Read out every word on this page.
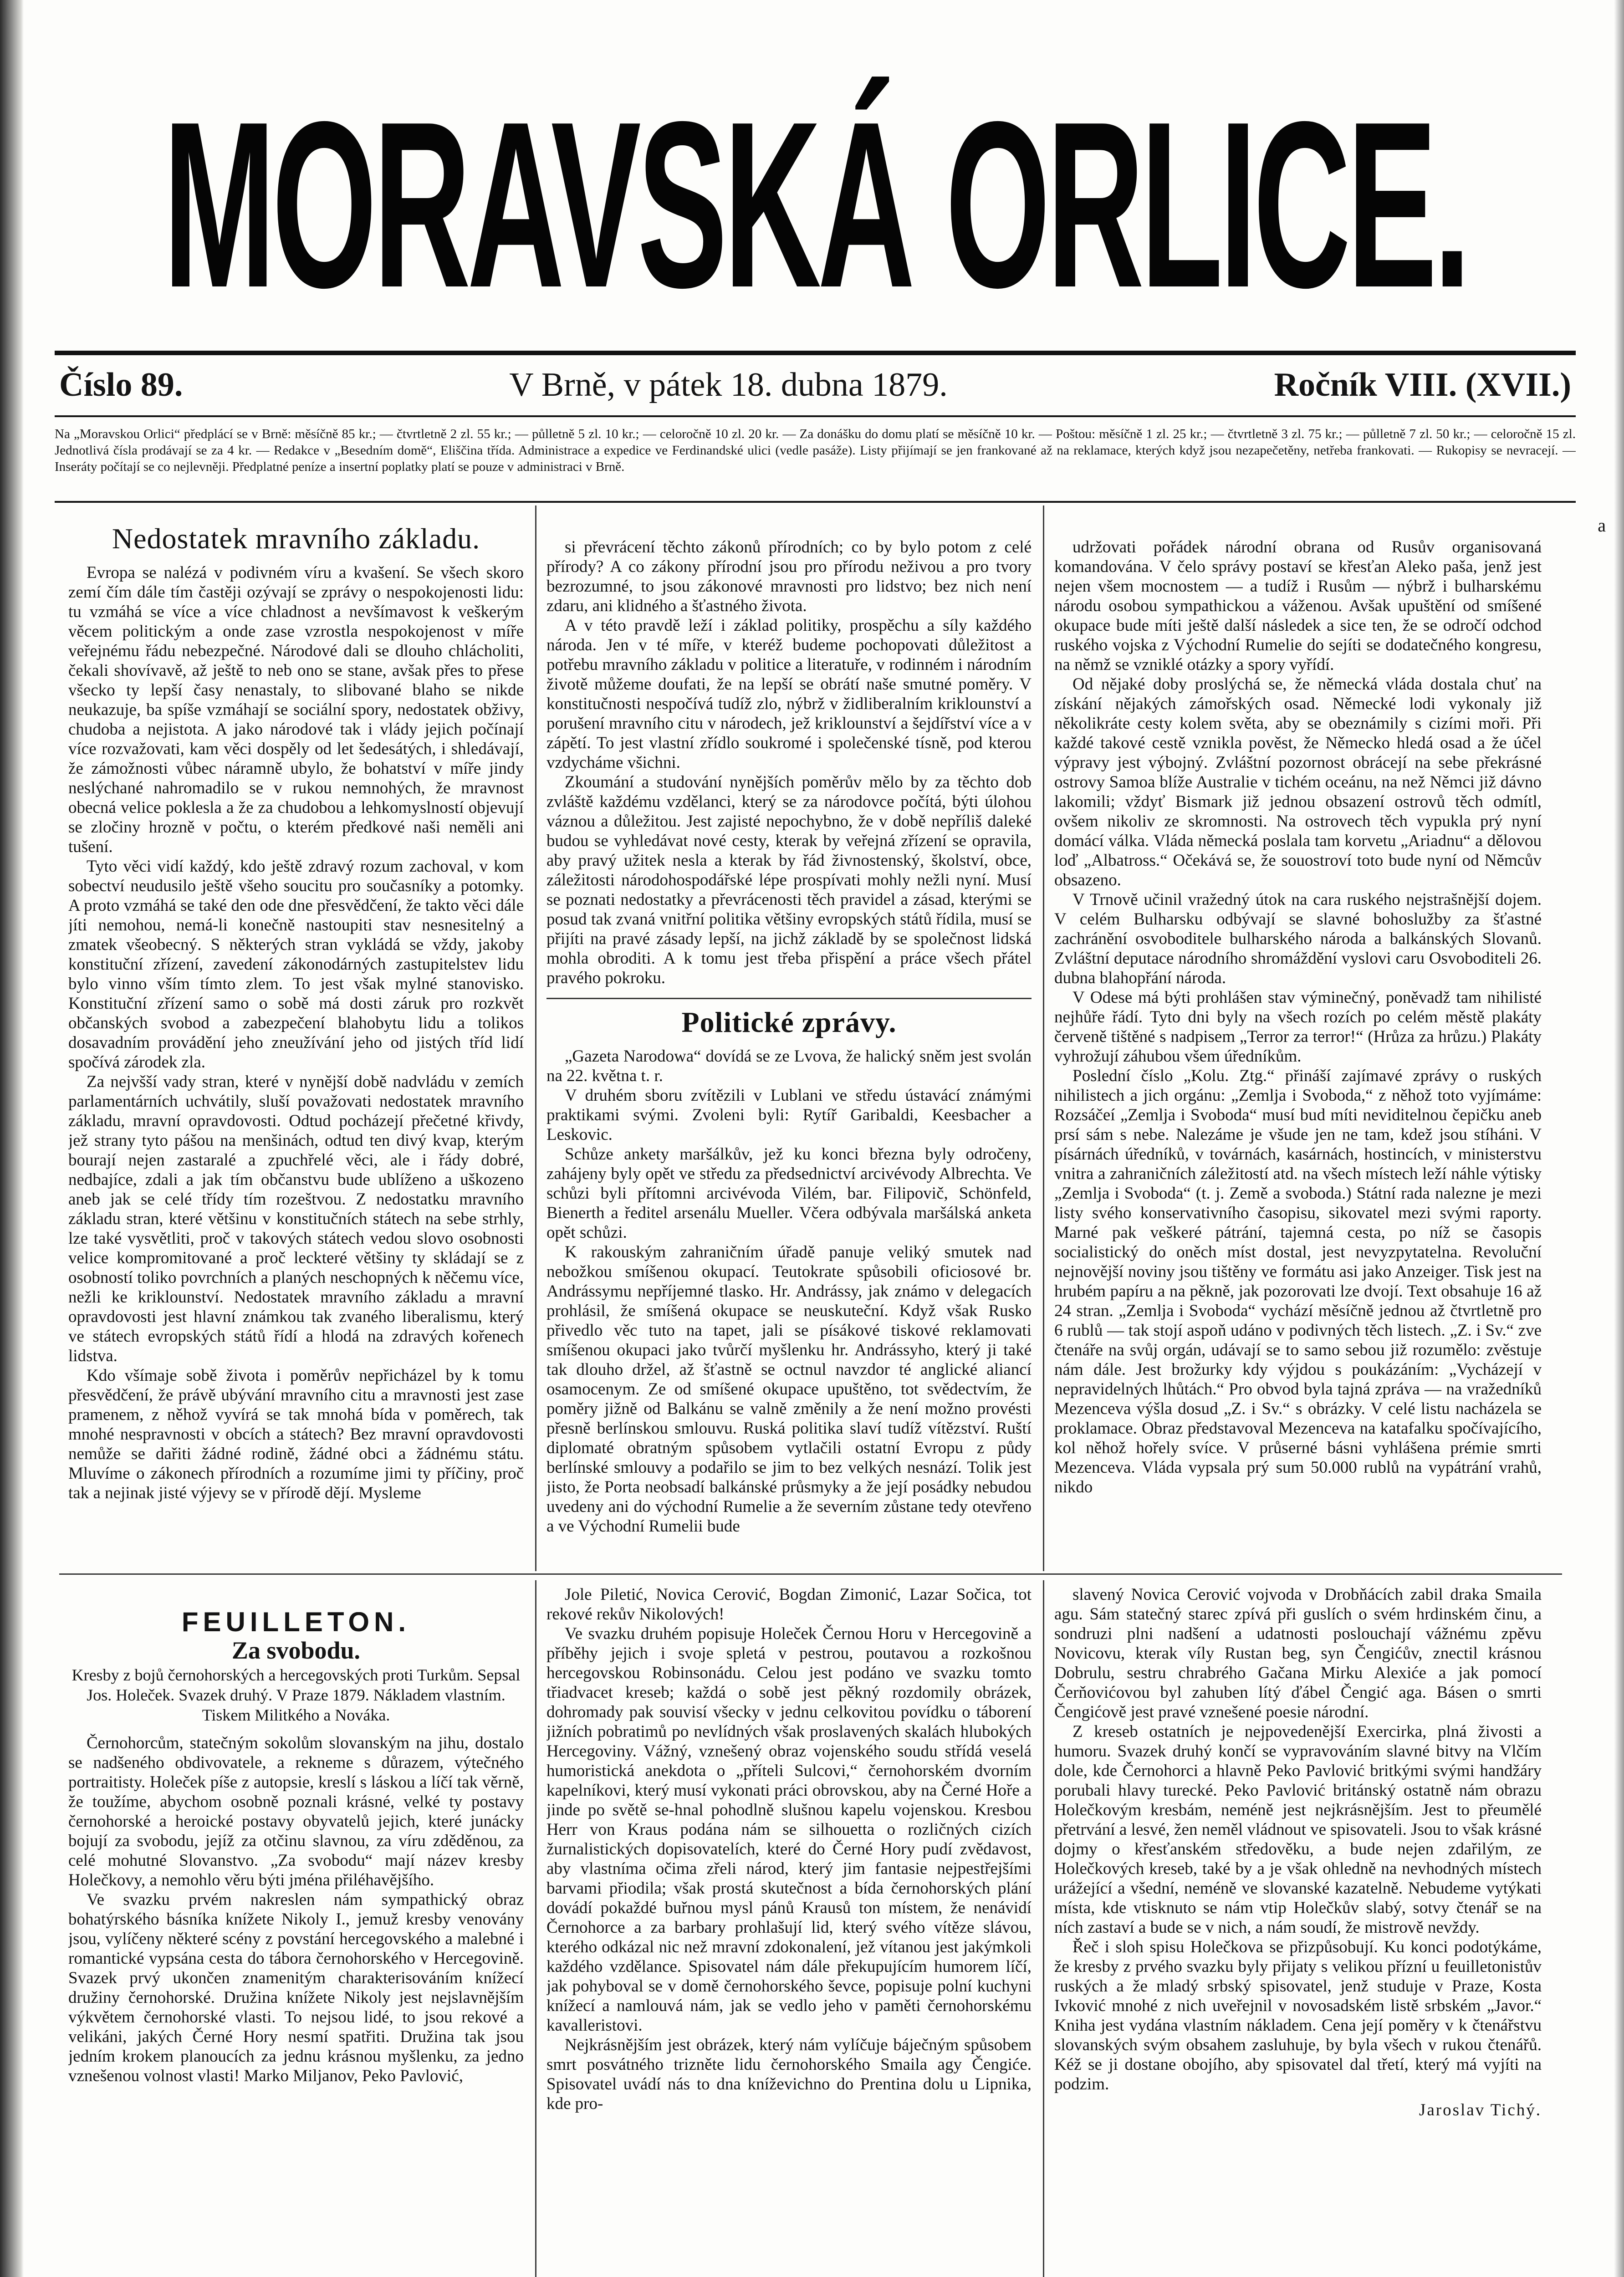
MORAVSKÁ ORLICE.
Číslo 89.	V Brně, v pátek 18. dubna 1879.	Ročník VIII. (XVII.)
Na „Moravskou Orlici“ předplácí se v Brně: měsíčně 85 kr.; — čtvrtletně 2 zl. 55 kr.; — půlletně 5 zl. 10 kr.; — celoročně 10 zl. 20 kr. — Za donášku do domu platí se měsíčně 10 kr. — Poštou: měsíčně 1 zl. 25 kr.; — čtvrtletně 3 zl. 75 kr.; — půlletně 7 zl. 50 kr.; — celoročně 15 zl. Jednotlivá čísla prodávají se za 4 kr. — Redakce v „Besedním domě“, Eliščina třída. Administrace a expedice ve Ferdinandské ulici (vedle pasáže). Listy přijímají se jen frankované až na reklamace, kterých když jsou nezapečetěny, netřeba frankovati. — Rukopisy se nevracejí. — Inseráty počítají se co nejlevněji. Předplatné peníze a insertní poplatky platí se pouze v administraci v Brně.
Nedostatek mravního základu.

Evropa se nalézá v podivném víru a kvašení. Se všech skoro zemí čím dále tím častěji ozývají se zprávy o nespokojenosti lidu: tu vzmáhá se více a více chladnost a nevšímavost k veškerým věcem politickým a onde zase vzrostla nespokojenost v míře veřejnému řádu nebezpečné. Národové dali se dlouho chlácholiti, čekali shovívavě, až ještě to neb ono se stane, avšak přes to přese všecko ty lepší časy nenastaly, to slibované blaho se nikde neukazuje, ba spíše vzmáhají se sociální spory, nedostatek obživy, chudoba a nejistota. A jako národové tak i vlády jejich počínají více rozvažovati, kam věci dospěly od let šedesátých, i shledávají, že zámožnosti vůbec náramně ubylo, že bohatství v míře jindy neslýchané nahromadilo se v rukou nemnohých, že mravnost obecná velice poklesla a že za chudobou a lehkomyslností objevují se zločiny hrozně v počtu, o kterém předkové naši neměli ani tušení.

Tyto věci vidí každý, kdo ještě zdravý rozum zachoval, v kom sobectví neudusilo ještě všeho soucitu pro současníky a potomky. A proto vzmáhá se také den ode dne přesvědčení, že takto věci dále jíti nemohou, nemá-li konečně nastoupiti stav nesnesitelný a zmatek všeobecný. S některých stran vykládá se vždy, jakoby konstituční zřízení, zavedení zákonodárných zastupitelstev lidu bylo vinno vším tímto zlem. To jest však mylné stanovisko. Konstituční zřízení samo o sobě má dosti záruk pro rozkvět občanských svobod a zabezpečení blahobytu lidu a tolikos dosavadním provádění jeho zneužívání jeho od jistých tříd lidí spočívá zárodek zla.

Za nejvšší vady stran, které v nynější době nadvládu v zemích parlamentárních uchvátily, sluší považovati nedostatek mravního základu, mravní opravdovosti. Odtud pocházejí přečetné křivdy, jež strany tyto pášou na menšinách, odtud ten divý kvap, kterým bourají nejen zastaralé a zpuchřelé věci, ale i řády dobré, nedbajíce, zdali a jak tím občanstvu bude ublíženo a uškozeno aneb jak se celé třídy tím rozeštvou. Z nedostatku mravního základu stran, které většinu v konstitučních státech na sebe strhly, lze také vysvětliti, proč v takových státech vedou slovo osobnosti velice kompromitované a proč leckteré většiny ty skládají se z osobností toliko povrchních a planých neschopných k něčemu více, nežli ke kriklounství. Nedostatek mravního základu a mravní opravdovosti jest hlavní známkou tak zvaného liberalismu, který ve státech evropských států řídí a hlodá na zdravých kořenech lidstva.

Kdo všímaje sobě života i poměrův nepřicházel by k tomu přesvědčení, že právě ubývání mravního citu a mravnosti jest zase pramenem, z něhož vyvírá se tak mnohá bída v poměrech, tak mnohé nespravnosti v obcích a státech? Bez mravní opravdovosti nemůže se dařiti žádné rodině, žádné obci a žádnému státu. Mluvíme o zákonech přírodních a rozumíme jimi ty příčiny, proč tak a nejinak jisté výjevy se v přírodě dějí. Mysleme

si převrácení těchto zákonů přírodních; co by bylo potom z celé přírody? A co zákony přírodní jsou pro přírodu neživou a pro tvory bezrozumné, to jsou zákonové mravnosti pro lidstvo; bez nich není zdaru, ani klidného a šťastného života.

A v této pravdě leží i základ politiky, prospěchu a síly každého národa. Jen v té míře, v kteréž budeme pochopovati důležitost a potřebu mravního základu v politice a literatuře, v rodinném i národním životě můžeme doufati, že na lepší se obrátí naše smutné poměry. V konstitučnosti nespočívá tudíž zlo, nýbrž v židliberalním kriklounství a porušení mravního citu v národech, jež kriklounství a šejdířství více a v zápětí. To jest vlastní zřídlo soukromé i společenské tísně, pod kterou vzdycháme všichni.

Zkoumání a studování nynějších poměrův mělo by za těchto dob zvláště každému vzdělanci, který se za národovce počítá, býti úlohou váznou a důležitou. Jest zajisté nepochybno, že v době nepříliš daleké budou se vyhledávat nové cesty, kterak by veřejná zřízení se opravila, aby pravý užitek nesla a kterak by řád živnostenský, školství, obce, záležitosti národohospodářské lépe prospívati mohly nežli nyní. Musí se poznati nedostatky a převrácenosti těch pravidel a zásad, kterými se posud tak zvaná vnitřní politika většiny evropských států řídila, musí se přijíti na pravé zásady lepší, na jichž základě by se společnost lidská mohla obroditi. A k tomu jest třeba přispění a práce všech přátel pravého pokroku.

Politické zprávy.

„Gazeta Narodowa“ dovídá se ze Lvova, že halický sněm jest svolán na 22. května t. r.

V druhém sboru zvítězili v Lublani ve středu ústavácí známými praktikami svými. Zvoleni byli: Rytíř Garibaldi, Keesbacher a Leskovic.

Schůze ankety maršálkův, jež ku konci března byly odročeny, zahájeny byly opět ve středu za předsednictví arcivévody Albrechta. Ve schůzi byli přítomni arcivévoda Vilém, bar. Filipovič, Schönfeld, Bienerth a ředitel arsenálu Mueller. Včera odbývala maršálská anketa opět schůzi.

K rakouským zahraničním úřadě panuje veliký smutek nad nebožkou smíšenou okupací. Teutokrate spůsobili oficiosové br. Andrássymu nepříjemné tlasko. Hr. Andrássy, jak známo v delegacích prohlásil, že smíšená okupace se neuskuteční. Když však Rusko přivedlo věc tuto na tapet, jali se písákové tiskové reklamovati smíšenou okupaci jako tvůrčí myšlenku hr. Andrássyho, který ji také tak dlouho držel, až šťastně se octnul navzdor té anglické aliancí osamocenym. Ze od smíšené okupace upuštěno, tot svědectvím, že poměry jižně od Balkánu se valně změnily a že není možno provésti přesně berlínskou smlouvu. Ruská politika slaví tudíž vítězství. Ruští diplomaté obratným spůsobem vytlačili ostatní Evropu z půdy berlínské smlouvy a podařilo se jim to bez velkých nesnází. Tolik jest jisto, že Porta neobsadí balkánské průsmyky a že její posádky nebudou uvedeny ani do východní Rumelie a že severním zůstane tedy otevřeno a ve Východní Rumelii bude

udržovati pořádek národní obrana od Rusův organisovaná komandována. V čelo správy postaví se křesťan Aleko paša, jenž jest nejen všem mocnostem — a tudíž i Rusům — nýbrž i bulharskému národu osobou sympathickou a váženou. Avšak upuštění od smíšené okupace bude míti ještě další následek a sice ten, že se odročí odchod ruského vojska z Východní Rumelie do sejíti se dodatečného kongresu, na němž se vzniklé otázky a spory vyřídí.

Od nějaké doby proslýchá se, že německá vláda dostala chuť na získání nějakých zámořských osad. Německé lodi vykonaly již několikráte cesty kolem světa, aby se obeznámily s cizími moři. Při každé takové cestě vznikla pověst, že Německo hledá osad a že účel výpravy jest výbojný. Zvláštní pozornost obrácejí na sebe překrásné ostrovy Samoa blíže Australie v tichém oceánu, na než Němci již dávno lakomili; vždyť Bismark již jednou obsazení ostrovů těch odmítl, ovšem nikoliv ze skromnosti. Na ostrovech těch vypukla prý nyní domácí válka. Vláda německá poslala tam korvetu „Ariadnu“ a dělovou loď „Albatross.“ Očekává se, že souostroví toto bude nyní od Němcův obsazeno.

V Trnově učinil vražedný útok na cara ruského nejstrašnější dojem. V celém Bulharsku odbývají se slavné bohoslužby za šťastné zachránění osvoboditele bulharského národa a balkánských Slovanů. Zvláštní deputace národního shromáždění vyslovi caru Osvoboditeli 26. dubna blahopřání národa.

V Odese má býti prohlášen stav výminečný, poněvadž tam nihilisté nejhůře řádí. Tyto dni byly na všech rozích po celém městě plakáty červeně tištěné s nadpisem „Terror za terror!“ (Hrůza za hrůzu.) Plakáty vyhrožují záhubou všem úředníkům.

Poslední číslo „Kolu. Ztg.“ přináší zajímavé zprávy o ruských nihilistech a jich orgánu: „Zemlja i Svoboda,“ z něhož toto vyjímáme: Rozsáčeí „Zemlja i Svoboda“ musí bud míti neviditelnou čepičku aneb prsí sám s nebe. Nalezáme je všude jen ne tam, kdež jsou stíháni. V písárnách úředníků, v továrnách, kasárnách, hostincích, v ministerstvu vnitra a zahraničních záležitostí atd. na všech místech leží náhle výtisky „Zemlja i Svoboda“ (t. j. Země a svoboda.) Státní rada nalezne je mezi listy svého konservativního časopisu, sikovatel mezi svými raporty. Marné pak veškeré pátrání, tajemná cesta, po níž se časopis socialistický do oněch míst dostal, jest nevyzpytatelna. Revoluční nejnovější noviny jsou tištěny ve formátu asi jako Anzeiger. Tisk jest na hrubém papíru a na pěkně, jak pozorovati lze dvojí. Text obsahuje 16 až 24 stran. „Zemlja i Svoboda“ vychází měsíčně jednou až čtvrtletně pro 6 rublů — tak stojí aspoň udáno v podivných těch listech. „Z. i Sv.“ zve čtenáře na svůj orgán, udávají se to samo sebou již rozumělo: zvěstuje nám dále. Jest brožurky kdy výjdou s poukázáním: „Vycházejí v nepravidelných lhůtách.“ Pro obvod byla tajná zpráva — na vražedníků Mezenceva výšla dosud „Z. i Sv.“ s obrázky. V celé listu nacházela se proklamace. Obraz představoval Mezenceva na katafalku spočívajícího, kol něhož hořely svíce. V průserné básni vyhlášena prémie smrti Mezenceva. Vláda vypsala prý sum 50.000 rublů na vypátrání vrahů, nikdo

FEUILLETON.
Za svobodu.
Kresby z bojů černohorských a hercegovských proti Turkům. Sepsal Jos. Holeček. Svazek druhý. V Praze 1879. Nákladem vlastním. Tiskem Militkého a Nováka.

Černohorcům, statečným sokolům slovanským na jihu, dostalo se nadšeného obdivovatele, a rekneme s důrazem, výtečného portraitisty. Holeček píše z autopsie, kreslí s láskou a líčí tak věrně, že toužíme, abychom osobně poznali krásné, velké ty postavy černohorské a heroické postavy obyvatelů jejich, které junácky bojují za svobodu, jejíž za otčinu slavnou, za víru zděděnou, za celé mohutné Slovanstvo. „Za svobodu“ mají název kresby Holečkovy, a nemohlo věru býti jména přiléhavějšího.

Ve svazku prvém nakreslen nám sympathický obraz bohatýrského básníka knížete Nikoly I., jemuž kresby venovány jsou, vylíčeny některé scény z povstání hercegovského a malebné i romantické vypsána cesta do tábora černohorského v Hercegovině. Svazek prvý ukončen znamenitým charakterisováním knížecí družiny černohorské. Družina knížete Nikoly jest nejslavnějším výkvětem černohorské vlasti. To nejsou lidé, to jsou rekové a velikáni, jakých Černé Hory nesmí spatřiti. Družina tak jsou jedním krokem planoucích za jednu krásnou myšlenku, za jedno vznešenou volnost vlasti! Marko Miljanov, Peko Pavlović,

Jole Piletić, Novica Cerović, Bogdan Zimonić, Lazar Sočica, tot rekové rekův Nikolových!

Ve svazku druhém popisuje Holeček Černou Horu v Hercegovině a příběhy jejich i svoje spletá v pestrou, poutavou a rozkošnou hercegovskou Robinsonádu. Celou jest podáno ve svazku tomto třiadvacet kreseb; každá o sobě jest pěkný rozdomily obrázek, dohromady pak souvisí všecky v jednu celkovitou povídku o táborení jižních pobratimů po nevlídných však proslavených skalách hlubokých Hercegoviny. Vážný, vznešený obraz vojenského soudu střídá veselá humoristická anekdota o „příteli Sulcovi,“ černohorském dvorním kapelníkovi, který musí vykonati práci obrovskou, aby na Černé Hoře a jinde po světě se-hnal pohodlně slušnou kapelu vojenskou. Kresbou Herr von Kraus podána nám se silhouetta o rozličných cizích žurnalistických dopisovatelích, které do Černé Hory pudí zvědavost, aby vlastníma očima zřeli národ, který jim fantasie nejpestřejšími barvami přiodila; však prostá skutečnost a bída černohorských plání dovádí pokaždé buřnou mysl pánů Krausů ton místem, že nenávidí Černohorce a za barbary prohlašují lid, který svého vítěze slávou, kterého odkázal nic než mravní zdokonalení, jež vítanou jest jakýmkoli každého vzdělance. Spisovatel nám dále překupujícím humorem líčí, jak pohyboval se v domě černohorského ševce, popisuje polní kuchyni knížecí a namlouvá nám, jak se vedlo jeho v paměti černohorskému kavalleristovi.

Nejkrásnějším jest obrázek, který nám vylíčuje báječným spůsobem smrt posvátného trizněte lidu černohorského Smaila agy Čengiće. Spisovatel uvádí nás to dna kníževichno do Prentina dolu u Lipnika, kde pro-

slavený Novica Cerović vojvoda v Drobňácích zabil draka Smaila agu. Sám statečný starec zpívá při guslích o svém hrdinském činu, a sondruzi plni nadšení a udatnosti poslouchají vážnému zpěvu Novicovu, kterak víly Rustan beg, syn Čengićův, znectil krásnou Dobrulu, sestru chrabrého Gačana Mirku Alexiće a jak pomocí Čerňovićovou byl zahuben lítý ďábel Čengić aga. Básen o smrti Čengićově jest pravé vznešené poesie národní.

Z kreseb ostatních je nejpovedenější Exercirka, plná živosti a humoru. Svazek druhý končí se vypravováním slavné bitvy na Vlčím dole, kde Černohorci a hlavně Peko Pavlović britkými svými handžáry porubali hlavy turecké. Peko Pavlović británský ostatně nám obrazu Holečkovým kresbám, neméně jest nejkrásnějším. Jest to přeumělé přetrvání a lesvé, žen neměl vládnout ve spisovateli. Jsou to však krásné dojmy o křesťanském středověku, a bude nejen zdařilým, ze Holečkových kreseb, také by a je však ohledně na nevhodných místech urážející a všední, neméně ve slovanské kazatelně. Nebudeme vytýkati místa, kde vtisknuto se nám vtip Holečkův slabý, sotvy čtenář se na ních zastaví a bude se v nich, a nám soudí, že mistrově nevždy.

Řeč i sloh spisu Holečkova se přizpůsobují. Ku konci podotýkáme, že kresby z prvého svazku byly přijaty s velikou přízní u feuilletonistův ruských a že mladý srbský spisovatel, jenž studuje v Praze, Kosta Ivković mnohé z nich uveřejnil v novosadském listě srbském „Javor.“ Kniha jest vydána vlastním nákladem. Cena její poměry v k čtenářstvu slovanských svým obsahem zasluhuje, by byla všech v rukou čtenářů. Kéž se ji dostane obojího, aby spisovatel dal třetí, který má vyjíti na podzim.

Jaroslav Tichý.

a
